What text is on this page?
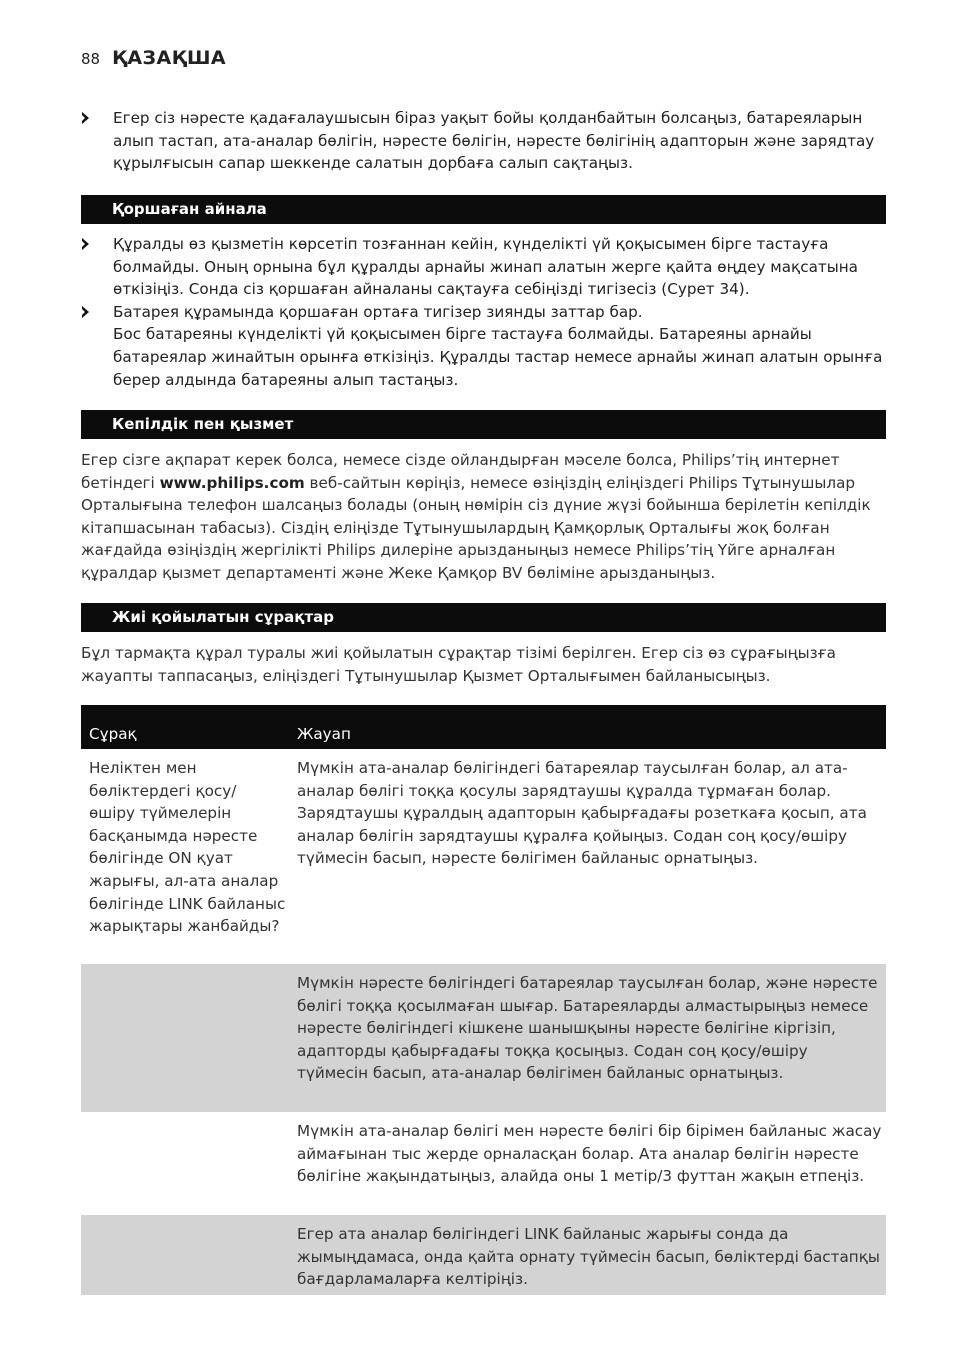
88 ҚАЗАҚША

Егер сіз нәресте қадағалаушысын біраз уақыт бойы қолданбайтын болсаңыз, батареяларын алып тастап, ата-аналар бөлігін, нәресте бөлігін, нәресте бөлігінің адапторын және зарядтау құрылғысын сапар шеккенде салатын дорбаға салып сақтаңыз.

Қоршаған айнала

Құралды өз қызметін көрсетіп тозғаннан кейін, күнделікті үй қоқысымен бірге тастауға болмайды. Оның орнына бұл құралды арнайы жинап алатын жерге қайта өңдеу мақсатына өткізіңіз. Сонда сіз қоршаған айналаны сақтауға себіңізді тигізесіз (Сурет 34).

Батарея құрамында қоршаған ортаға тигізер зиянды заттар бар.

Бос батареяны күнделікті үй қоқысымен бірге тастауға болмайды. Батареяны арнайы батареялар жинайтын орынға өткізіңіз. Құралды тастар немесе арнайы жинап алатын орынға берер алдында батареяны алып тастаңыз.

Кепілдік пен қызмет

Егер сізге ақпарат керек болса, немесе сізде ойландырған мәселе болса, Philips’тің интернет бетіндегі www.philips.com веб-сайтын көріңіз, немесе өзіңіздің еліңіздегі Philips Тұтынушылар Орталығына телефон шалсаңыз болады (оның нөмірін сіз дүние жүзі бойынша берілетін кепілдік кітапшасынан табасыз). Сіздің еліңізде Тұтынушылардың Қамқорлық Орталығы жоқ болған жағдайда өзіңіздің жергілікті Philips дилеріне арызданыңыз немесе Philips’тің Үйге арналған құралдар қызмет департаменті және Жеке Қамқор BV бөліміне арызданыңыз.

Жиі қойылатын сұрақтар

Бұл тармақта құрал туралы жиі қойылатын сұрақтар тізімі берілген. Егер сіз өз сұрағыңызға жауапты таппасаңыз, еліңіздегі Тұтынушылар Қызмет Орталығымен байланысыңыз.

Сұрақ	Жауап
Неліктен мен бөліктердегі қосу/ өшіру түймелерін басқанымда нәресте бөлігінде ON қуат жарығы, ал-ата аналар бөлігінде LINK байланыс жарықтары жанбайды?
Мүмкін ата-аналар бөлігіндегі батареялар таусылған болар, ал ата-аналар бөлігі тоққа қосулы зарядтаушы құралда тұрмаған болар. Зарядтаушы құралдың адапторын қабырғадағы розеткаға қосып, ата аналар бөлігін зарядтаушы құралға қойыңыз. Содан соң қосу/өшіру түймесін басып, нәресте бөлігімен байланыс орнатыңыз.
Мүмкін нәресте бөлігіндегі батареялар таусылған болар, және нәресте бөлігі тоққа қосылмаған шығар. Батареяларды алмастырыңыз немесе нәресте бөлігіндегі кішкене шанышқыны нәресте бөлігіне кіргізіп, адапторды қабырғадағы тоққа қосыңыз. Содан соң қосу/өшіру түймесін басып, ата-аналар бөлігімен байланыс орнатыңыз.
Мүмкін ата-аналар бөлігі мен нәресте бөлігі бір бірімен байланыс жасау аймағынан тыс жерде орналасқан болар. Ата аналар бөлігін нәресте бөлігіне жақындатыңыз, алайда оны 1 метір/3 футтан жақын етпеңіз.
Егер ата аналар бөлігіндегі LINK байланыс жарығы сонда да жымыңдамаса, онда қайта орнату түймесін басып, бөліктерді бастапқы бағдарламаларға келтіріңіз.
